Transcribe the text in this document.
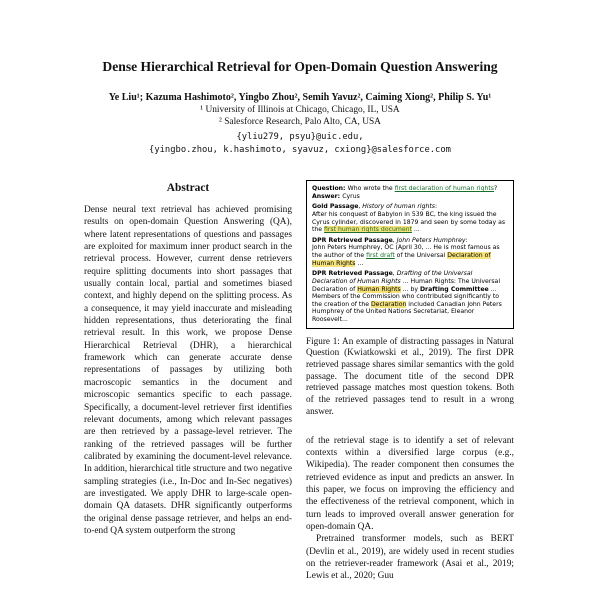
Dense Hierarchical Retrieval for Open-Domain Question Answering
Ye Liu¹; Kazuma Hashimoto², Yingbo Zhou², Semih Yavuz², Caiming Xiong², Philip S. Yu¹
¹ University of Illinois at Chicago, Chicago, IL, USA
² Salesforce Research, Palo Alto, CA, USA
{yliu279, psyu}@uic.edu,
{yingbo.zhou, k.hashimoto, syavuz, cxiong}@salesforce.com
Abstract

Dense neural text retrieval has achieved promising results on open-domain Question Answering (QA), where latent representations of questions and passages are exploited for maximum inner product search in the retrieval process. However, current dense retrievers require splitting documents into short passages that usually contain local, partial and sometimes biased context, and highly depend on the splitting process. As a consequence, it may yield inaccurate and misleading hidden representations, thus deteriorating the final retrieval result. In this work, we propose Dense Hierarchical Retrieval (DHR), a hierarchical framework which can generate accurate dense representations of passages by utilizing both macroscopic semantics in the document and microscopic semantics specific to each passage. Specifically, a document-level retriever first identifies relevant documents, among which relevant passages are then retrieved by a passage-level retriever. The ranking of the retrieved passages will be further calibrated by examining the document-level relevance. In addition, hierarchical title structure and two negative sampling strategies (i.e., In-Doc and In-Sec negatives) are investigated. We apply DHR to large-scale open-domain QA datasets. DHR significantly outperforms the original dense passage retriever, and helps an end-to-end QA system outperform the strong

Question: Who wrote the first declaration of human rights?
Answer: Cyrus
Gold Passage, History of human rights:
After his conquest of Babylon in 539 BC, the king issued the Cyrus cylinder, discovered in 1879 and seen by some today as the first human rights document ...
DPR Retrieved Passage, John Peters Humphrey:
John Peters Humphrey, OC (April 30, ... He is most famous as the author of the first draft of the Universal Declaration of Human Rights ...
DPR Retrieved Passage, Drafting of the Universal Declaration of Human Rights ... Human Rights: The Universal Declaration of Human Rights ... by Drafting Committee ... Members of the Commission who contributed significantly to the creation of the Declaration included Canadian John Peters Humphrey of the United Nations Secretariat, Eleanor Roosevelt...
Figure 1: An example of distracting passages in Natural Question (Kwiatkowski et al., 2019). The first DPR retrieved passage shares similar semantics with the gold passage. The document title of the second DPR retrieved passage matches most question tokens. Both of the retrieved passages tend to result in a wrong answer.

of the retrieval stage is to identify a set of relevant contexts within a diversified large corpus (e.g., Wikipedia). The reader component then consumes the retrieved evidence as input and predicts an answer. In this paper, we focus on improving the efficiency and the effectiveness of the retrieval component, which in turn leads to improved overall answer generation for open-domain QA.

Pretrained transformer models, such as BERT (Devlin et al., 2019), are widely used in recent studies on the retriever-reader framework (Asai et al., 2019; Lewis et al., 2020; Guu
